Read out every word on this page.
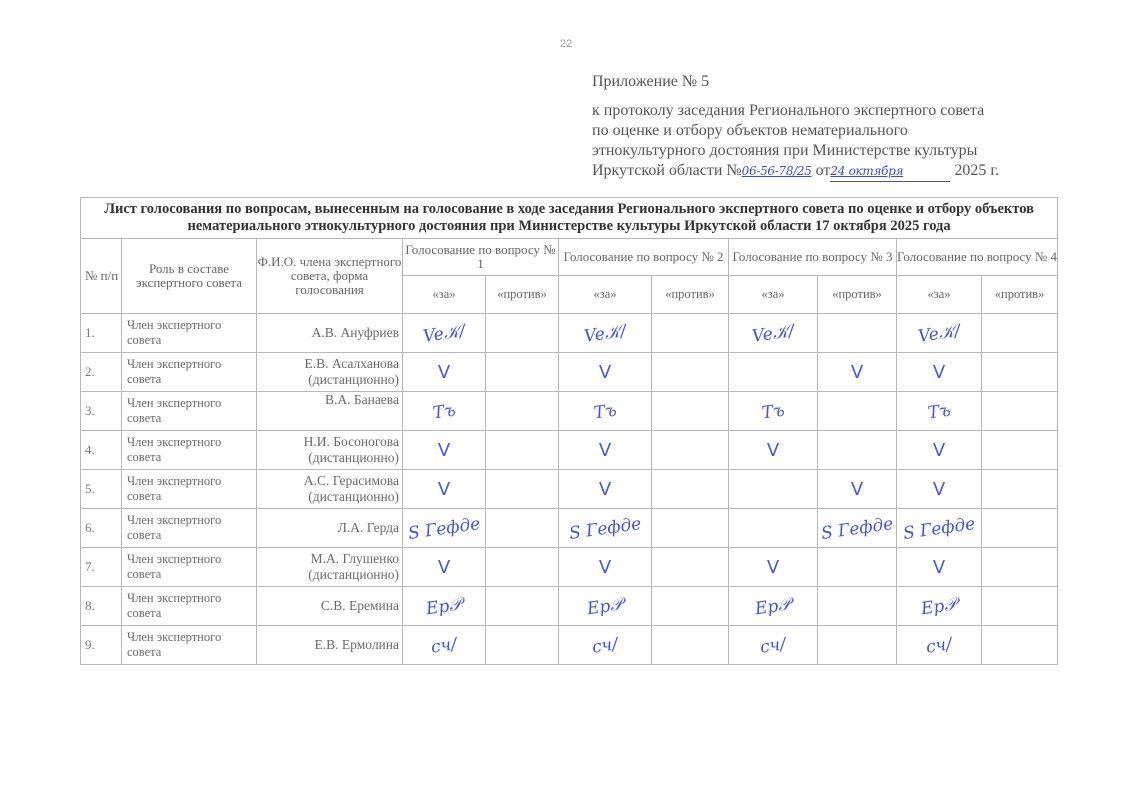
22
Приложение № 5
к протоколу заседания Регионального экспертного совета
по оценке и отбору объектов нематериального
этнокультурного достояния при Министерстве культуры
Иркутской области №06-56-78/25 от24 октября	2025 г.
Лист голосования по вопросам, вынесенным на голосование в ходе заседания Регионального экспертного совета по оценке и отбору объектов нематериального этнокультурного достояния при Министерстве культуры Иркутской области 17 октября 2025 года										
№ п/п	Роль в составе экспертного совета	Ф.И.О. члена экспертного совета, форма голосования	Голосование по вопросу № 1		Голосование по вопросу № 2		Голосование по вопросу № 3		Голосование по вопросу № 4	
			«за»	«против»	«за»	«против»	«за»	«против»	«за»	«против»
1.	Член экспертного совета	А.В. Ануфриев	Ve𝒦/		Ve𝒦/		Ve𝒦/		Ve𝒦/	
2.	Член экспертного совета	Е.В. Асалханова
(дистанционно)	V		V			V	V	
3.	Член экспертного совета	В.А. Банаева	Тъ		Тъ		Тъ		Тъ	
4.	Член экспертного совета	Н.И. Босоногова
(дистанционно)	V		V		V		V	
5.	Член экспертного совета	А.С. Герасимова
(дистанционно)	V		V			V	V	
6.	Член экспертного совета	Л.А. Герда	S Гефде		S Гефде			S Гефде	S Гефде	
7.	Член экспертного совета	М.А. Глушенко
(дистанционно)	V		V		V		V	
8.	Член экспертного совета	С.В. Еремина	Ер𝒫		Ер𝒫		Ер𝒫		Ер𝒫	
9.	Член экспертного совета	Е.В. Ермолина	сч/		сч/		сч/		сч/	
